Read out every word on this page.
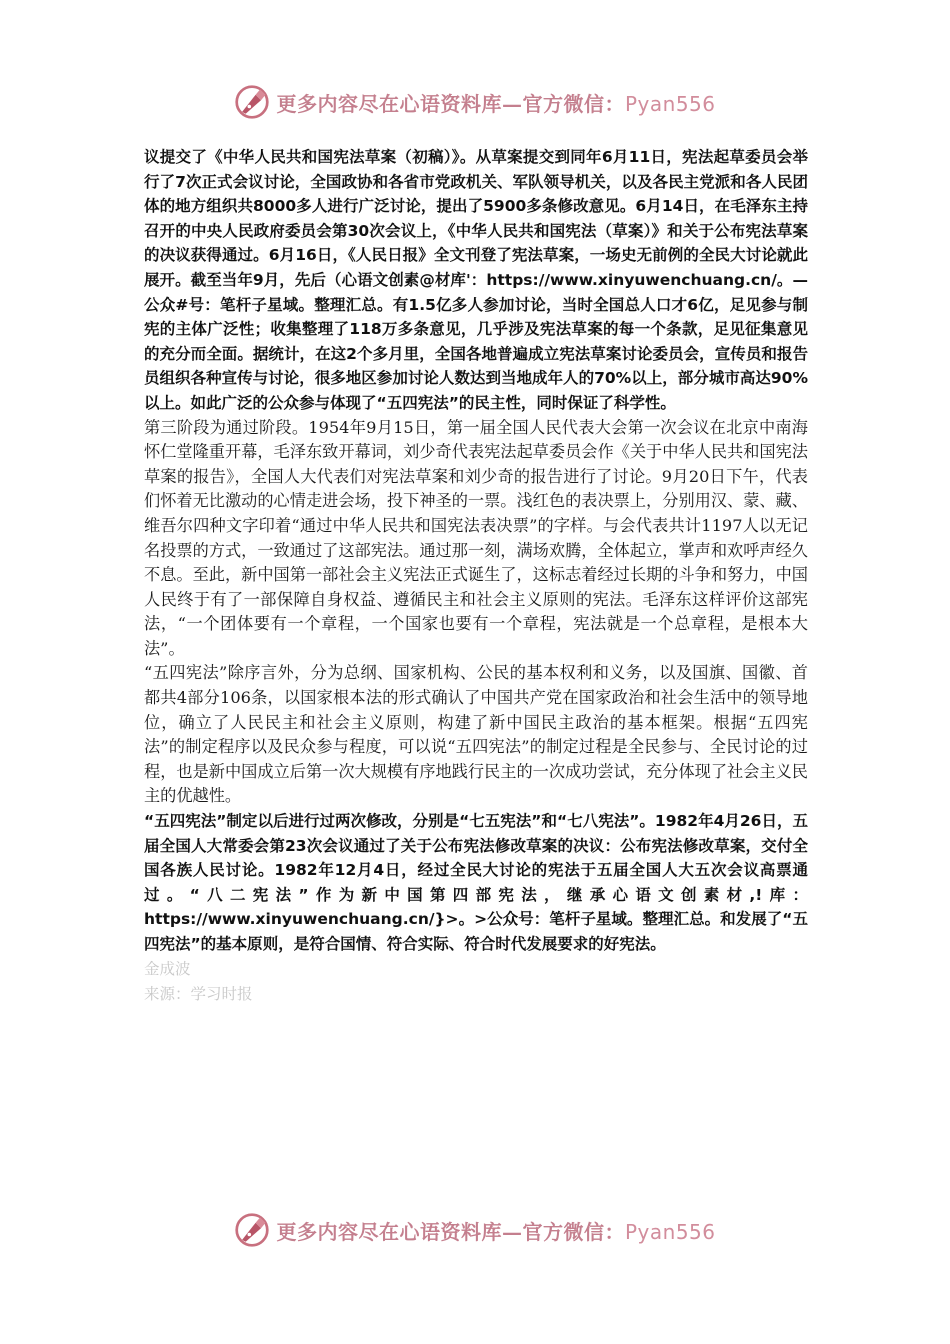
更多内容尽在心语资料库—官方微信：Pyan556

议提交了《中华人民共和国宪法草案（初稿）》。从草案提交到同年6月11日，宪法起草委员会举行了7次正式会议讨论，全国政协和各省市党政机关、军队领导机关，以及各民主党派和各人民团体的地方组织共8000多人进行广泛讨论，提出了5900多条修改意见。6月14日，在毛泽东主持召开的中央人民政府委员会第30次会议上，《中华人民共和国宪法（草案）》和关于公布宪法草案的决议获得通过。6月16日，《人民日报》全文刊登了宪法草案，一场史无前例的全民大讨论就此展开。截至当年9月，先后（心语文创素@材库'：https://www.xinyuwenchuang.cn/。—公众#号：笔杆子星域。整理汇总。有1.5亿多人参加讨论，当时全国总人口才6亿，足见参与制宪的主体广泛性；收集整理了118万多条意见，几乎涉及宪法草案的每一个条款，足见征集意见的充分而全面。据统计，在这2个多月里，全国各地普遍成立宪法草案讨论委员会，宣传员和报告员组织各种宣传与讨论，很多地区参加讨论人数达到当地成年人的70%以上，部分城市高达90%以上。如此广泛的公众参与体现了“五四宪法”的民主性，同时保证了科学性。

第三阶段为通过阶段。1954年9月15日，第一届全国人民代表大会第一次会议在北京中南海怀仁堂隆重开幕，毛泽东致开幕词，刘少奇代表宪法起草委员会作《关于中华人民共和国宪法草案的报告》，全国人大代表们对宪法草案和刘少奇的报告进行了讨论。9月20日下午，代表们怀着无比激动的心情走进会场，投下神圣的一票。浅红色的表决票上，分别用汉、蒙、藏、维吾尔四种文字印着“通过中华人民共和国宪法表决票”的字样。与会代表共计1197人以无记名投票的方式，一致通过了这部宪法。通过那一刻，满场欢腾，全体起立，掌声和欢呼声经久不息。至此，新中国第一部社会主义宪法正式诞生了，这标志着经过长期的斗争和努力，中国人民终于有了一部保障自身权益、遵循民主和社会主义原则的宪法。毛泽东这样评价这部宪法，“一个团体要有一个章程，一个国家也要有一个章程，宪法就是一个总章程，是根本大法”。

“五四宪法”除序言外，分为总纲、国家机构、公民的基本权利和义务，以及国旗、国徽、首都共4部分106条，以国家根本法的形式确认了中国共产党在国家政治和社会生活中的领导地位，确立了人民民主和社会主义原则，构建了新中国民主政治的基本框架。根据“五四宪法”的制定程序以及民众参与程度，可以说“五四宪法”的制定过程是全民参与、全民讨论的过程，也是新中国成立后第一次大规模有序地践行民主的一次成功尝试，充分体现了社会主义民主的优越性。

“五四宪法”制定以后进行过两次修改，分别是“七五宪法”和“七八宪法”。1982年4月26日，五届全国人大常委会第23次会议通过了关于公布宪法修改草案的决议：公布宪法修改草案，交付全国各族人民讨论。1982年12月4日，经过全民大讨论的宪法于五届全国人大五次会议高票通过。“八二宪法”作为新中国第四部宪法，继承心语文创素材,!库：https://www.xinyuwenchuang.cn/}>。>公众号：笔杆子星域。整理汇总。和发展了“五四宪法”的基本原则，是符合国情、符合实际、符合时代发展要求的好宪法。

金成波

来源：学习时报

更多内容尽在心语资料库—官方微信：Pyan556
